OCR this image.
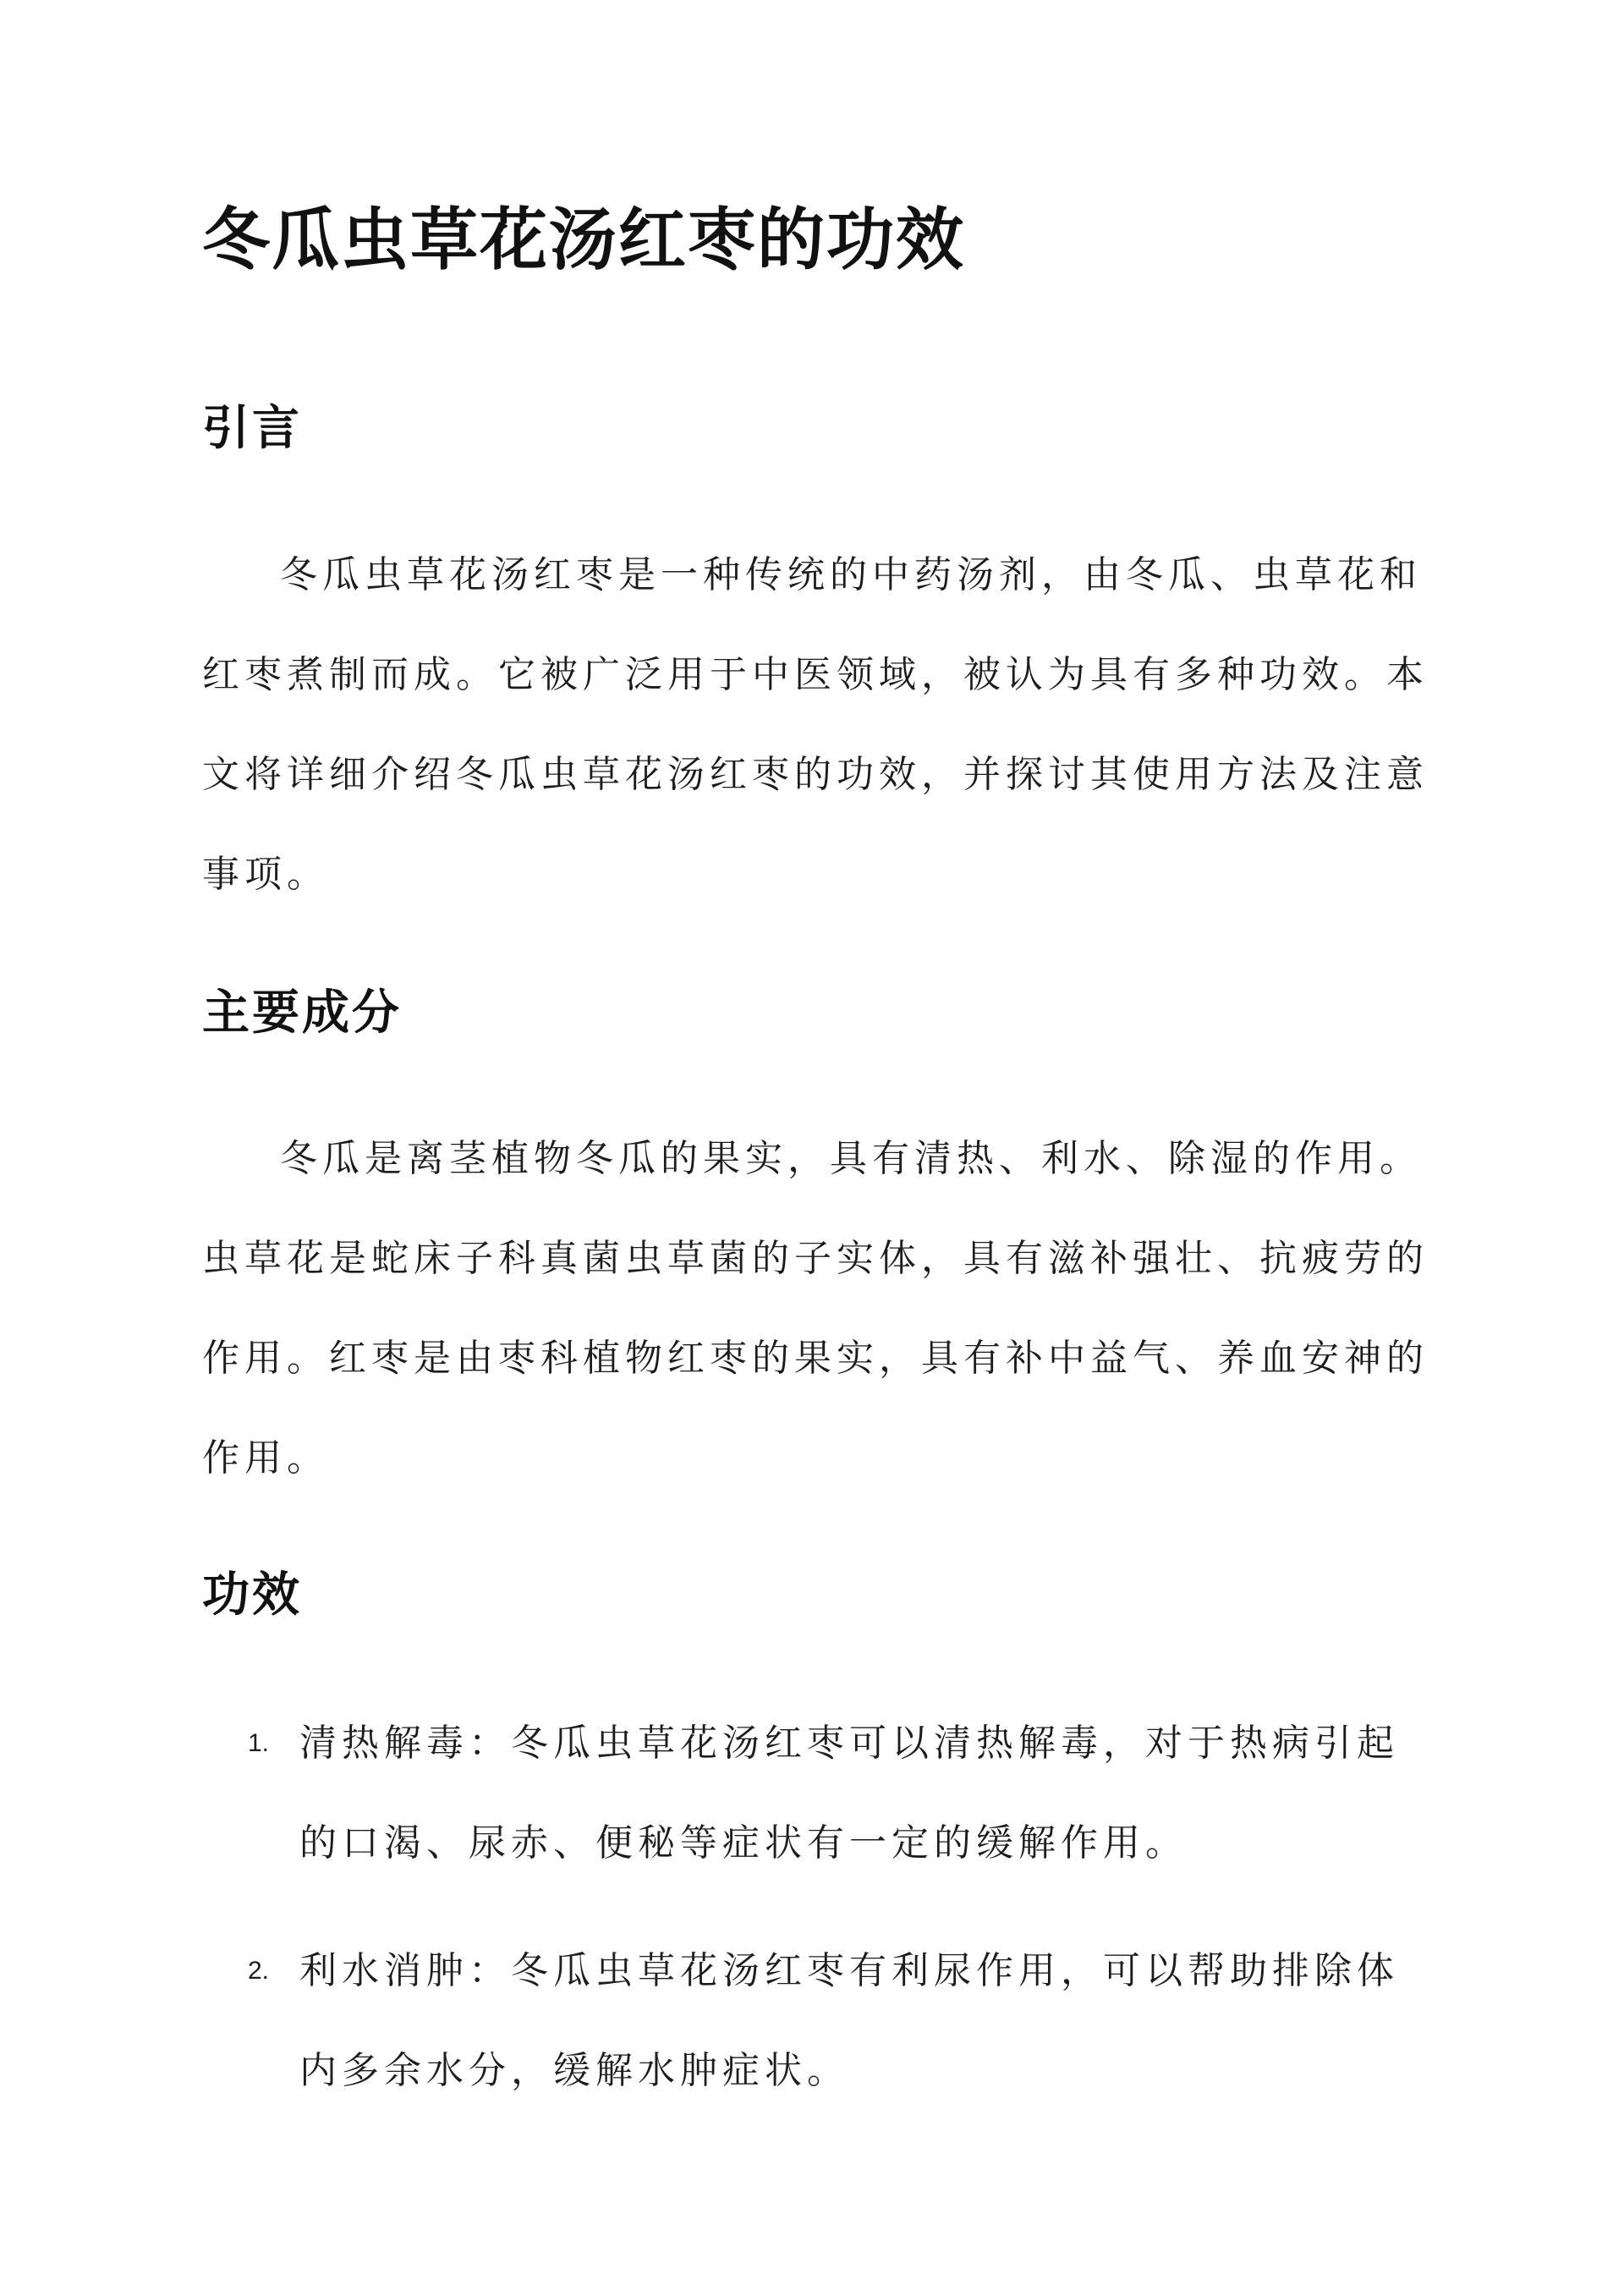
冬瓜虫草花汤红枣的功效
引言

冬瓜虫草花汤红枣是一种传统的中药汤剂，由冬瓜、虫草花和红枣煮制而成。它被广泛用于中医领域，被认为具有多种功效。本文将详细介绍冬瓜虫草花汤红枣的功效，并探讨其使用方法及注意事项。

主要成分

冬瓜是离茎植物冬瓜的果实，具有清热、利水、除湿的作用。虫草花是蛇床子科真菌虫草菌的子实体，具有滋补强壮、抗疲劳的作用。红枣是由枣科植物红枣的果实，具有补中益气、养血安神的作用。

功效
1. 清热解毒：冬瓜虫草花汤红枣可以清热解毒，对于热病引起的口渴、尿赤、便秘等症状有一定的缓解作用。
2. 利水消肿：冬瓜虫草花汤红枣有利尿作用，可以帮助排除体内多余水分，缓解水肿症状。
